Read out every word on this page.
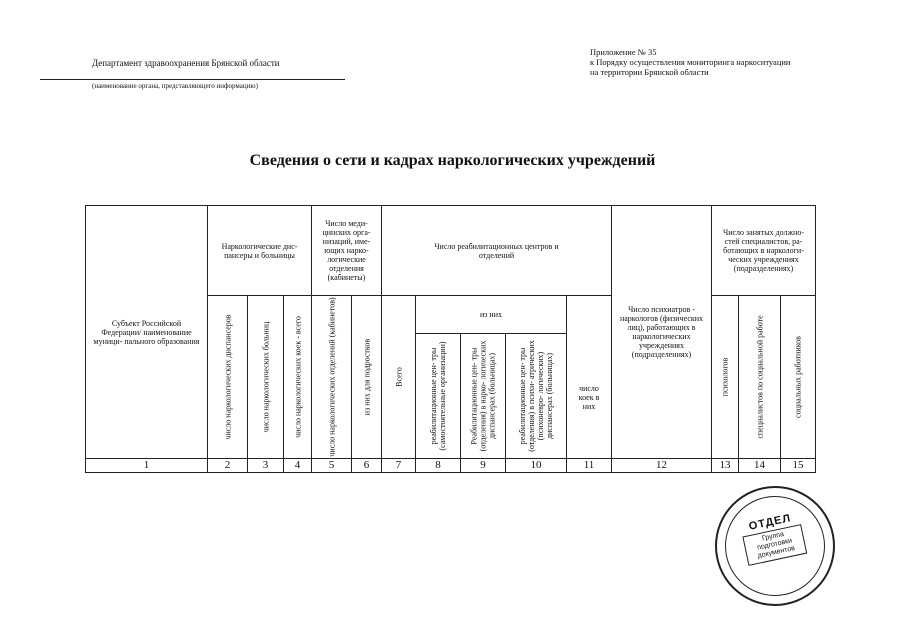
Департамент здравоохранения Брянской области
(наименование органа, представляющего информацию)
Приложение № 35
к Порядку осуществления мониторинга наркоситуации
на территории Брянской области
Сведения о сети и кадрах наркологических учреждений
Субъект Российской Федерации/ наименование муници- пального образования	Наркологические дис- пансеры и больницы			Число меди- цинских орга- низаций, име- ющих нарко- логические отделения (кабинеты)		Число реабилитационных центров и отделений					Число психиатров - наркологов (физических лиц), работающих в наркологических учреждениях (подразделениях)	Число занятых должно- стей специалистов, ра- ботающих в наркологи- ческих учреждениях (подразделениях)		

	число наркологических диспансеров	число наркологических больниц	число наркологических коек - всего	число наркологических отделений (кабинетов)	из них для подростков	Всего	из них			число коек в них		психологов	специалистов по социальной работе	социальных работников

							реабилитационные цен- тры (самостоятельные организации)	Реабилитационные цен- тры (отделения) в нарко- логических диспансерах (больницах)	реабилитационные цен- тры (отделения) в психи- атрических (психоневро- логических) диспансерах (больницах)					

1	2	3	4	5	6	7	8	9	10	11	12	13	14	15
ОТДЕЛ
Группа подготовки документов
